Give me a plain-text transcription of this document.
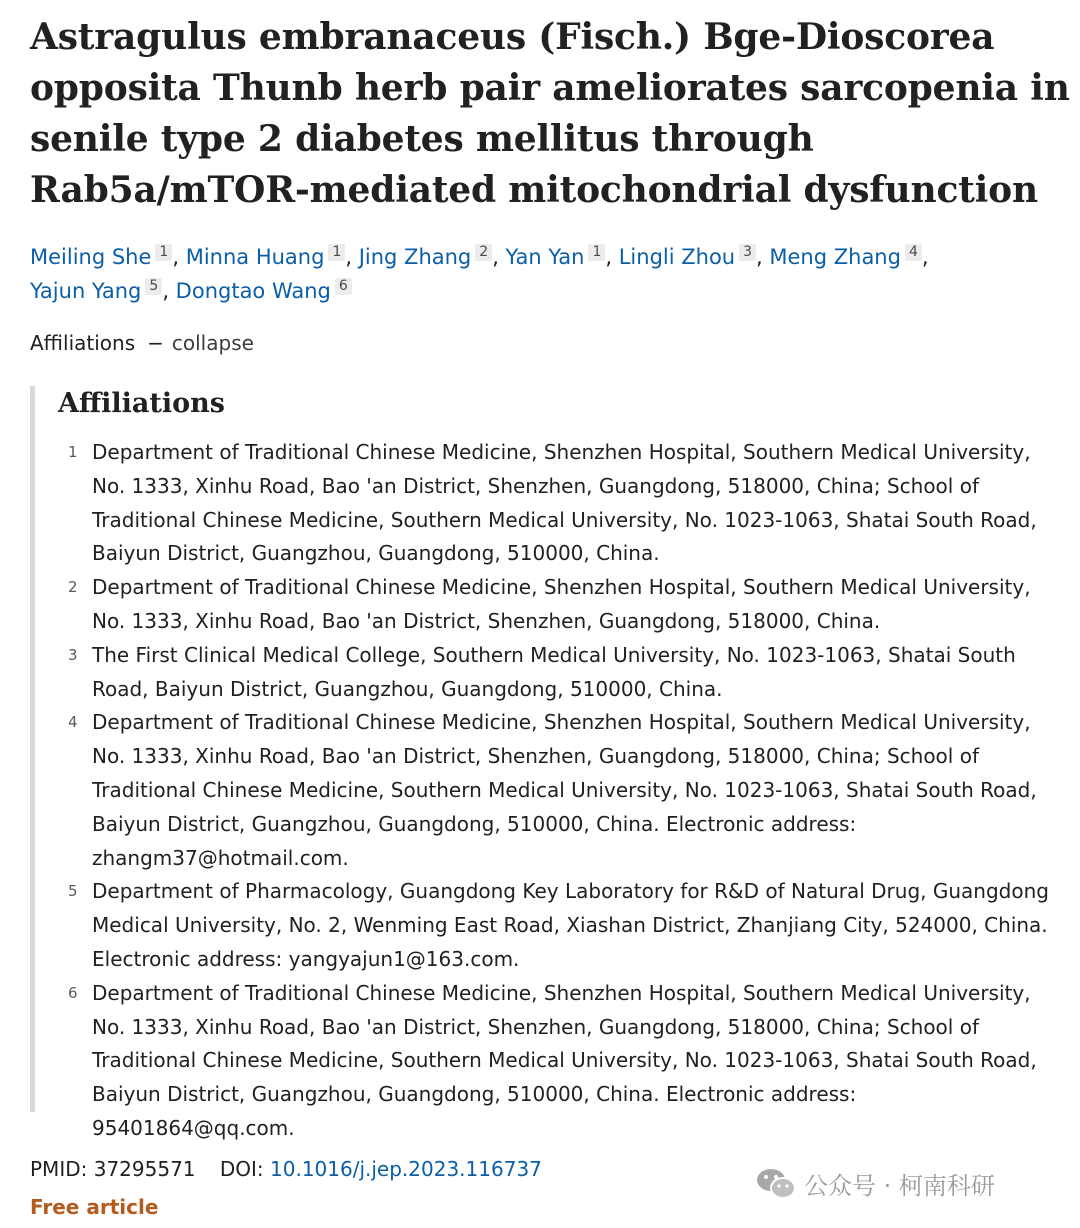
Astragulus embranaceus (Fisch.) Bge-Dioscorea opposita Thunb herb pair ameliorates sarcopenia in senile type 2 diabetes mellitus through Rab5a/mTOR-mediated mitochondrial dysfunction
Meiling She 1 , Minna Huang 1 , Jing Zhang 2 , Yan Yan 1 , Lingli Zhou 3 , Meng Zhang 4 ,
Yajun Yang 5 , Dongtao Wang 6
Affiliations − collapse
Affiliations
1 Department of Traditional Chinese Medicine, Shenzhen Hospital, Southern Medical University, No. 1333, Xinhu Road, Bao 'an District, Shenzhen, Guangdong, 518000, China; School of Traditional Chinese Medicine, Southern Medical University, No. 1023-1063, Shatai South Road, Baiyun District, Guangzhou, Guangdong, 510000, China.
2 Department of Traditional Chinese Medicine, Shenzhen Hospital, Southern Medical University, No. 1333, Xinhu Road, Bao 'an District, Shenzhen, Guangdong, 518000, China.
3 The First Clinical Medical College, Southern Medical University, No. 1023-1063, Shatai South Road, Baiyun District, Guangzhou, Guangdong, 510000, China.
4 Department of Traditional Chinese Medicine, Shenzhen Hospital, Southern Medical University, No. 1333, Xinhu Road, Bao 'an District, Shenzhen, Guangdong, 518000, China; School of Traditional Chinese Medicine, Southern Medical University, No. 1023-1063, Shatai South Road, Baiyun District, Guangzhou, Guangdong, 510000, China. Electronic address: zhangm37@hotmail.com.
5 Department of Pharmacology, Guangdong Key Laboratory for R&D of Natural Drug, Guangdong Medical University, No. 2, Wenming East Road, Xiashan District, Zhanjiang City, 524000, China. Electronic address: yangyajun1@163.com.
6 Department of Traditional Chinese Medicine, Shenzhen Hospital, Southern Medical University, No. 1333, Xinhu Road, Bao 'an District, Shenzhen, Guangdong, 518000, China; School of Traditional Chinese Medicine, Southern Medical University, No. 1023-1063, Shatai South Road, Baiyun District, Guangzhou, Guangdong, 510000, China. Electronic address: 95401864@qq.com.
PMID: 37295571 DOI: 10.1016/j.jep.2023.116737
Free article
公众号 · 柯南科研
